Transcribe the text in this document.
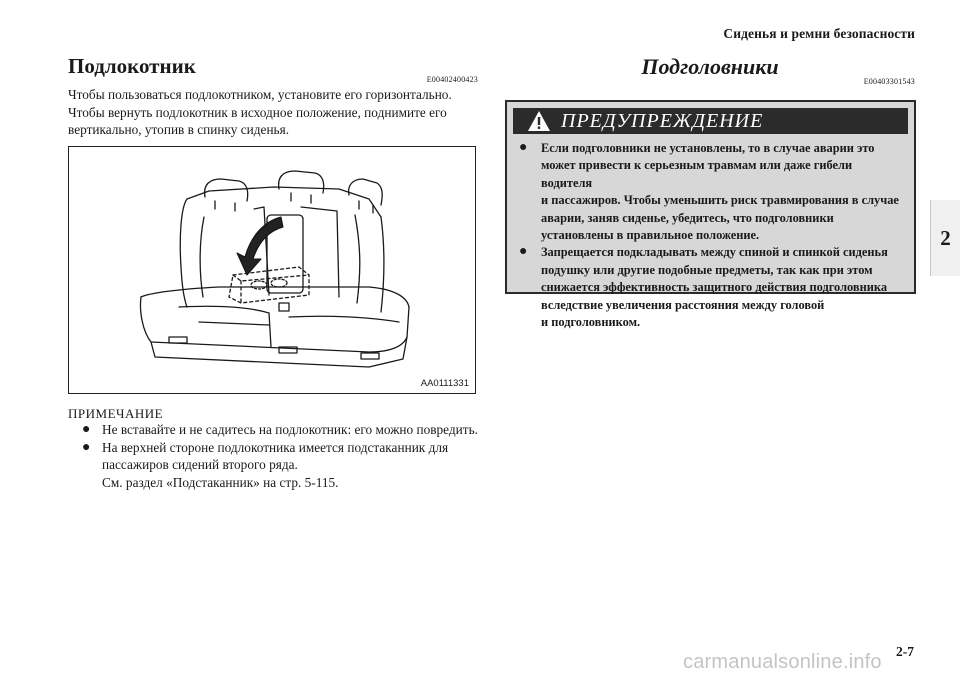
Сиденья и ремни безопасности
2
Подлокотник
E00402400423

Чтобы пользоваться подлокотником, установите его горизонтально.

Чтобы вернуть подлокотник в исходное положение, поднимите его вертикально, утопив в спинку сиденья.

AA0111331
ПРИМЕЧАНИЕ
● Не вставайте и не садитесь на подлокотник: его можно повредить.
● На верхней стороне подлокотника имеется подстаканник для пассажиров сидений второго ряда.
См. раздел «Подстаканник» на стр. 5-115.
Подголовники
E00403301543
ПРЕДУПРЕЖДЕНИЕ
●	Если подголовники не установлены, то в случае аварии это
может привести к серьезным травмам или даже гибели водителя
и пассажиров. Чтобы уменьшить риск травмирования в случае
аварии, заняв сиденье, убедитесь, что подголовники
установлены в правильное положение.
●	Запрещается подкладывать между спиной и спинкой сиденья
подушку или другие подобные предметы, так как при этом
снижается эффективность защитного действия подголовника
вследствие увеличения расстояния между головой
и подголовником.
2-7
carmanualsonline.info
